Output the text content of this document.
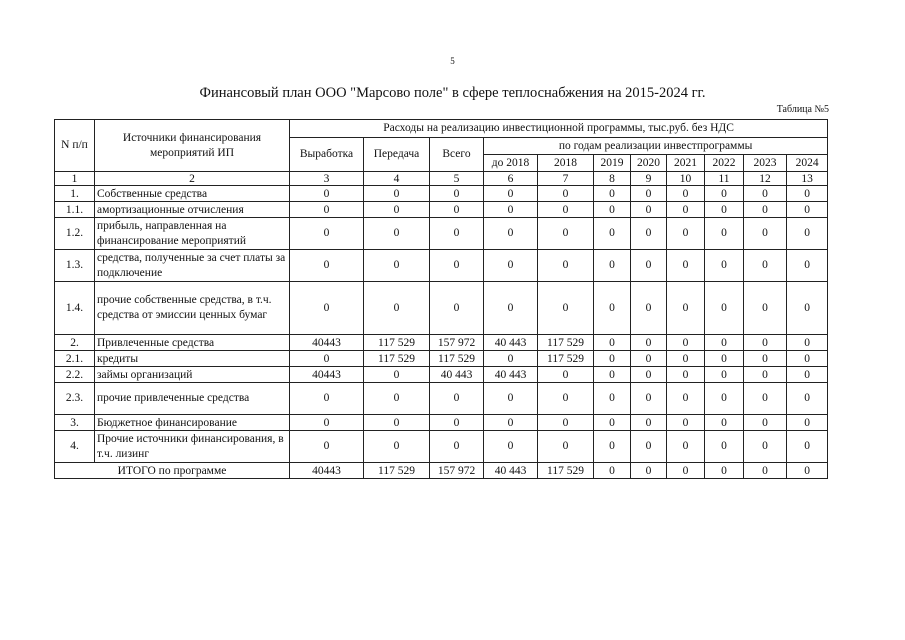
5
Финансовый план ООО "Марсово поле" в сфере теплоснабжения на 2015-2024 гг.
Таблица №5
N п/п	Источники финансирования мероприятий ИП	Расходы на реализацию инвестиционной программы, тыс.руб. без НДС										
		Выработка	Передача	Всего	по годам реализации инвестпрограммы							
					до 2018	2018	2019	2020	2021	2022	2023	2024
1	2	3	4	5	6	7	8	9	10	11	12	13
1.	Собственные средства	0	0	0	0	0	0	0	0	0	0	0
1.1.	амортизационные отчисления	0	0	0	0	0	0	0	0	0	0	0
1.2.	прибыль, направленная на финансирование мероприятий	0	0	0	0	0	0	0	0	0	0	0
1.3.	средства, полученные за счет платы за подключение	0	0	0	0	0	0	0	0	0	0	0
1.4.	прочие собственные средства, в т.ч. средства от эмиссии ценных бумаг	0	0	0	0	0	0	0	0	0	0	0
2.	Привлеченные средства	40443	117 529	157 972	40 443	117 529	0	0	0	0	0	0
2.1.	кредиты	0	117 529	117 529	0	117 529	0	0	0	0	0	0
2.2.	займы организаций	40443	0	40 443	40 443	0	0	0	0	0	0	0
2.3.	прочие привлеченные средства	0	0	0	0	0	0	0	0	0	0	0
3.	Бюджетное финансирование	0	0	0	0	0	0	0	0	0	0	0
4.	Прочие источники финансирования, в т.ч. лизинг	0	0	0	0	0	0	0	0	0	0	0
ИТОГО по программе		40443	117 529	157 972	40 443	117 529	0	0	0	0	0	0
